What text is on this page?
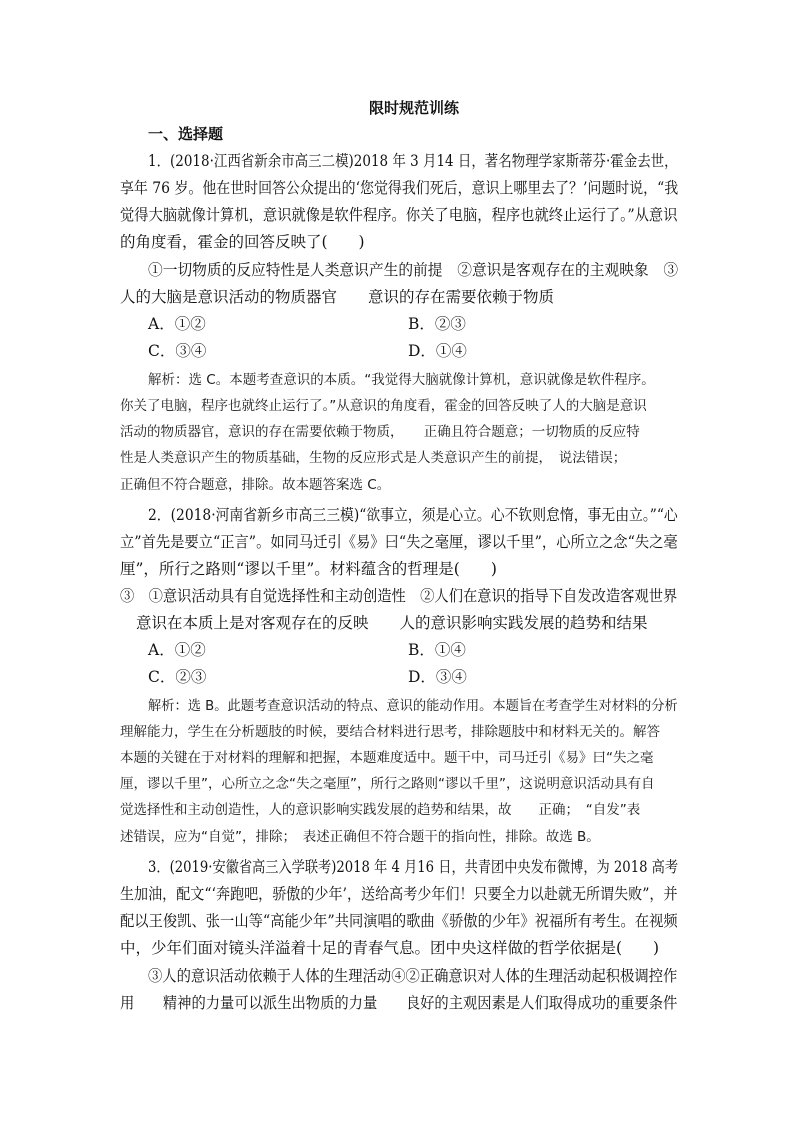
限时规范训练
一、选择题
1．(2018·江西省新余市高三二模)2018 年 3 月14 日，著名物理学家斯蒂芬·霍金去世，
享年 76 岁。他在世时回答公众提出的‘您觉得我们死后，意识上哪里去了？’问题时说，“我
觉得大脑就像计算机，意识就像是软件程序。你关了电脑，程序也就终止运行了。”从意识
的角度看，霍金的回答反映了(　　)
①一切物质的反应特性是人类意识产生的前提　②意识是客观存在的主观映象　③
人的大脑是意识活动的物质器官　　意识的存在需要依赖于物质
A．①②	B．②③
C．③④	D．①④
解析：选 C。本题考查意识的本质。“我觉得大脑就像计算机，意识就像是软件程序。
你关了电脑，程序也就终止运行了。”从意识的角度看，霍金的回答反映了人的大脑是意识
活动的物质器官，意识的存在需要依赖于物质，　　正确且符合题意；一切物质的反应特
性是人类意识产生的物质基础，生物的反应形式是人类意识产生的前提，　说法错误；
正确但不符合题意，排除。故本题答案选 C。
2．(2018·河南省新乡市高三三模)“欲事立，须是心立。心不钦则怠惰，事无由立。”“心
立”首先是要立“正言”。如同马迁引《易》曰“失之毫厘，谬以千里”，心所立之念“失之毫
厘”，所行之路则“谬以千里”。材料蕴含的哲理是(　　)
③　①意识活动具有自觉选择性和主动创造性　②人们在意识的指导下自发改造客观世界
意识在本质上是对客观存在的反映　　人的意识影响实践发展的趋势和结果
A．①②	B．①④
C．②③	D．③④
解析：选 B。此题考查意识活动的特点、意识的能动作用。本题旨在考查学生对材料的分析
理解能力，学生在分析题肢的时候，要结合材料进行思考，排除题肢中和材料无关的。解答
本题的关键在于对材料的理解和把握，本题难度适中。题干中，司马迁引《易》曰“失之毫
厘，谬以千里”，心所立之念“失之毫厘”，所行之路则“谬以千里”，这说明意识活动具有自
觉选择性和主动创造性，人的意识影响实践发展的趋势和结果，故　　正确；　“自发”表
述错误，应为“自觉”，排除；　表述正确但不符合题干的指向性，排除。故选 B。
3．(2019·安徽省高三入学联考)2018 年 4 月16 日，共青团中央发布微博，为 2018 高考
生加油，配文“‘奔跑吧，骄傲的少年’，送给高考少年们！只要全力以赴就无所谓失败”，并
配以王俊凯、张一山等“高能少年”共同演唱的歌曲《骄傲的少年》祝福所有考生。在视频
中，少年们面对镜头洋溢着十足的青春气息。团中央这样做的哲学依据是(　　)
③人的意识活动依赖于人体的生理活动④②正确意识对人体的生理活动起积极调控作
用　　精神的力量可以派生出物质的力量　　良好的主观因素是人们取得成功的重要条件
